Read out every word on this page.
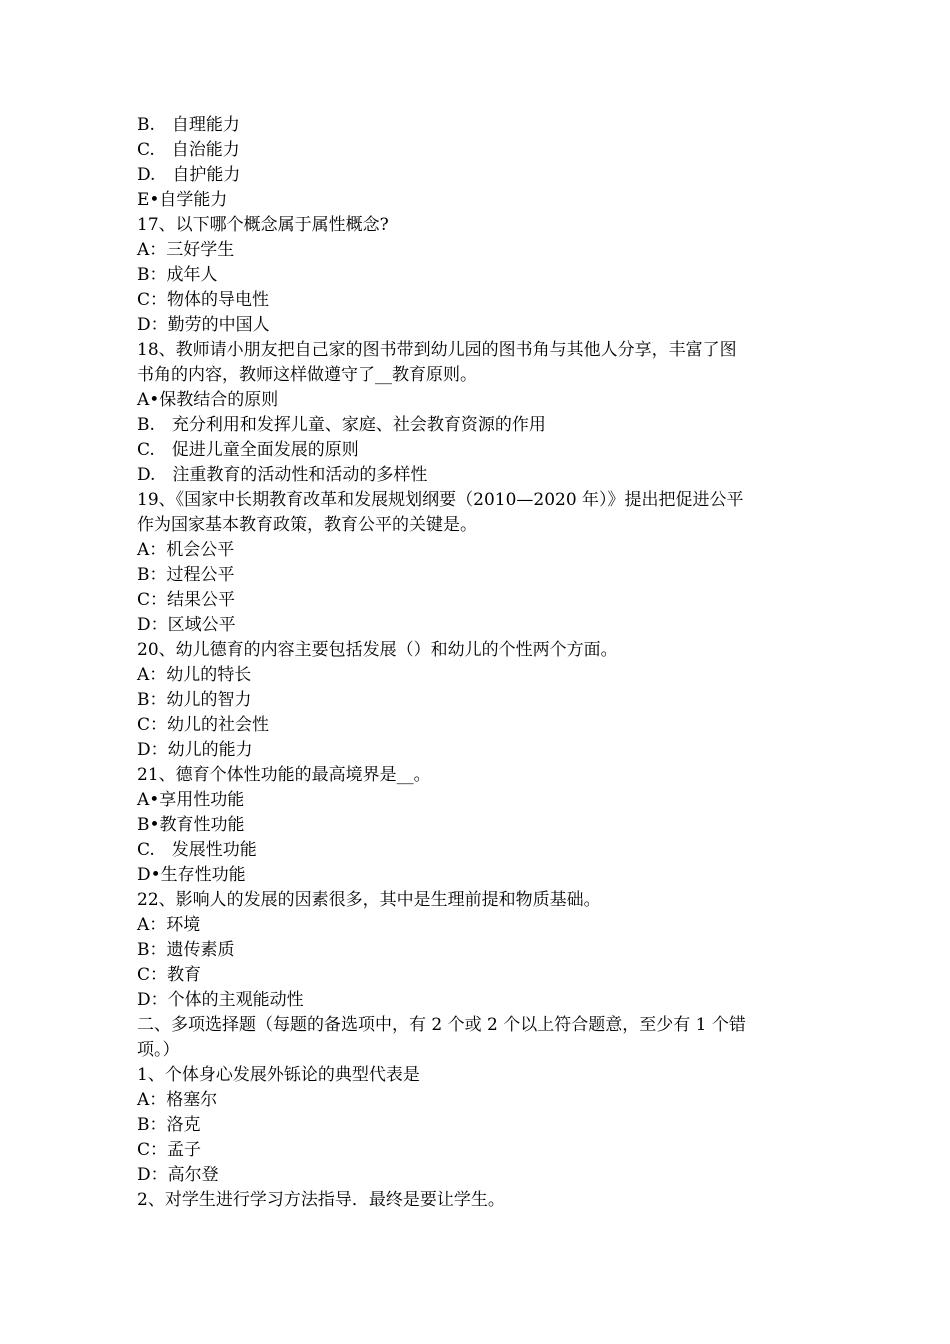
B.　自理能力
C.　自治能力
D.　自护能力
E•自学能力
17、以下哪个概念属于属性概念?
A：三好学生
B：成年人
C：物体的导电性
D：勤劳的中国人
18、教师请小朋友把自己家的图书带到幼儿园的图书角与其他人分享，丰富了图
书角的内容，教师这样做遵守了__教育原则。
A•保教结合的原则
B.　充分利用和发挥儿童、家庭、社会教育资源的作用
C.　促进儿童全面发展的原则
D.　注重教育的活动性和活动的多样性
19、《国家中长期教育改革和发展规划纲要（2010—2020 年）》提出把促进公平
作为国家基本教育政策，教育公平的关键是。
A：机会公平
B：过程公平
C：结果公平
D：区域公平
20、幼儿德育的内容主要包括发展（）和幼儿的个性两个方面。
A：幼儿的特长
B：幼儿的智力
C：幼儿的社会性
D：幼儿的能力
21、德育个体性功能的最高境界是__。
A•享用性功能
B•教育性功能
C.　发展性功能
D•生存性功能
22、影响人的发展的因素很多，其中是生理前提和物质基础。
A：环境
B：遗传素质
C：教育
D：个体的主观能动性
二、多项选择题（每题的备选项中，有 2 个或 2 个以上符合题意，至少有 1 个错
项。）
1、个体身心发展外铄论的典型代表是
A：格塞尔
B：洛克
C：孟子
D：高尔登
2、对学生进行学习方法指导．最终是要让学生。
